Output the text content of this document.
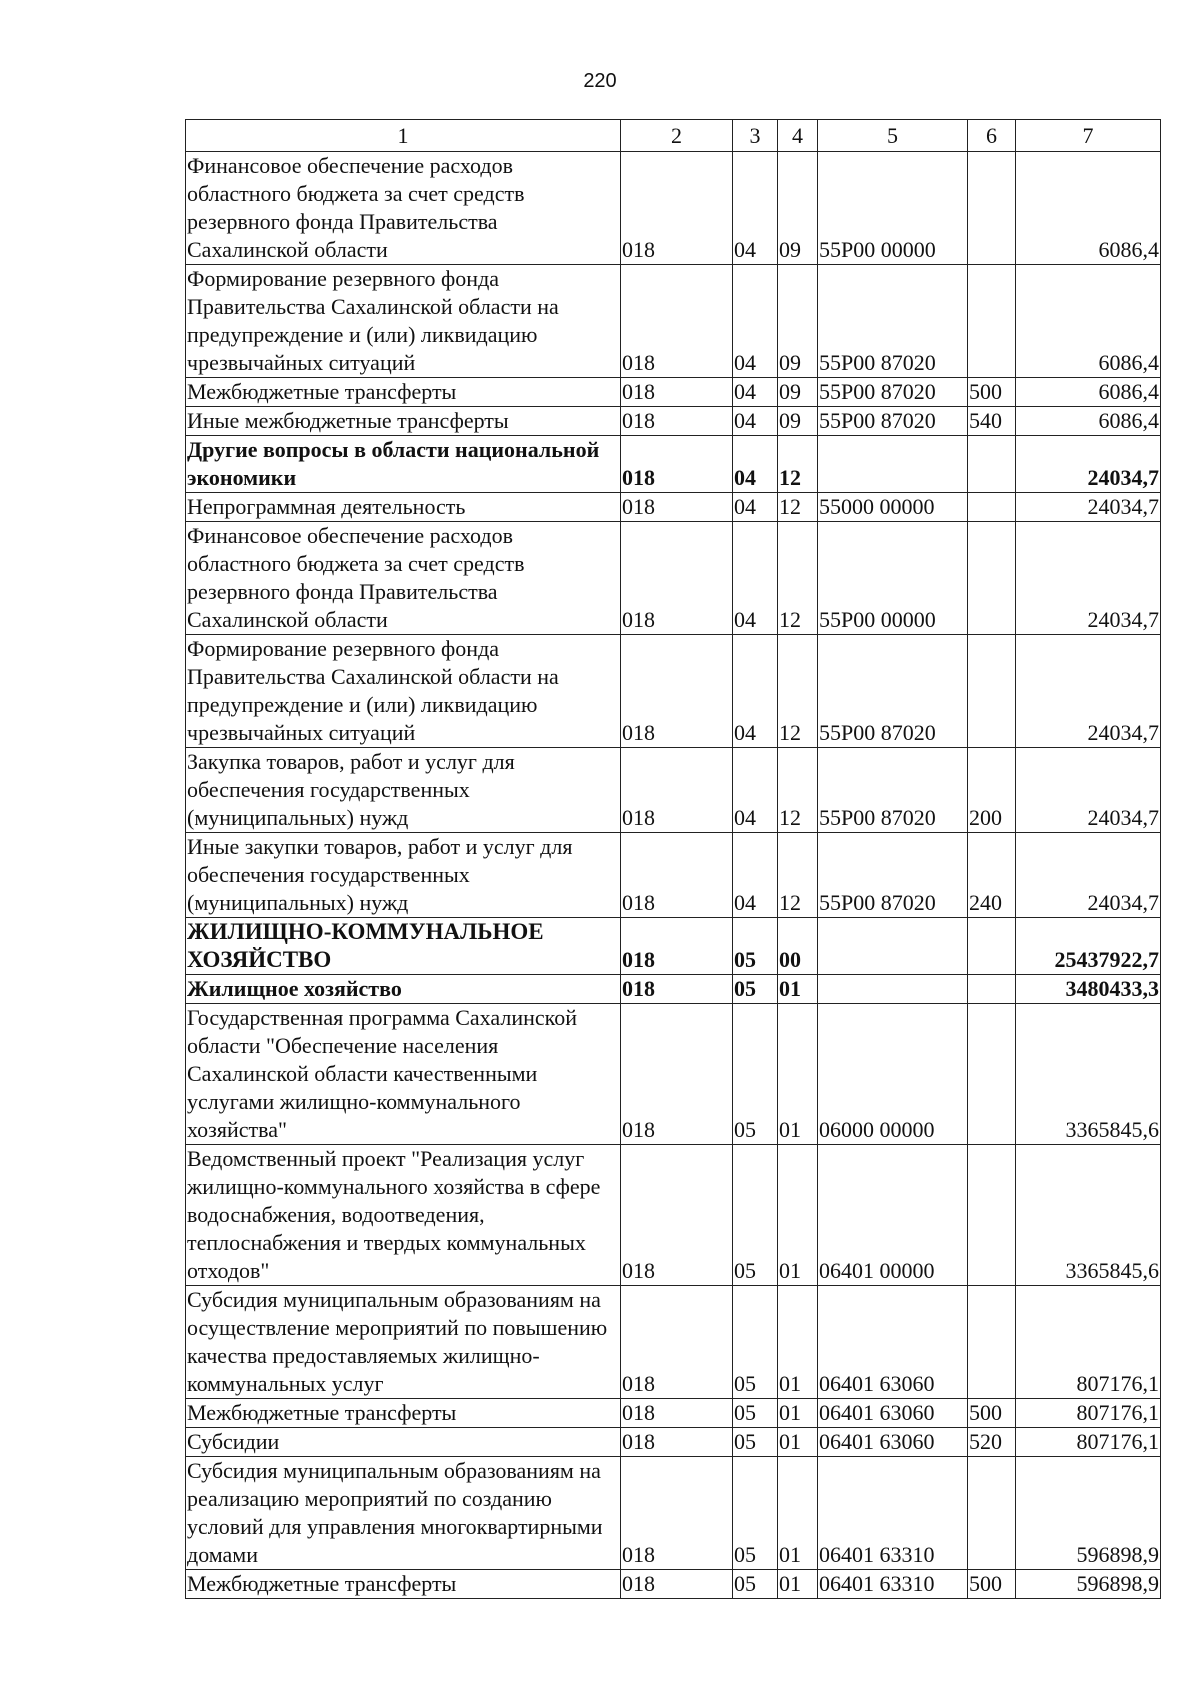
220
1	2	3	4	5	6	7
Финансовое обеспечение расходов областного бюджета за счет средств резервного фонда Правительства Сахалинской области	018	04	09	55Р00 00000		6086,4
Формирование резервного фонда Правительства Сахалинской области на предупреждение и (или) ликвидацию чрезвычайных ситуаций	018	04	09	55Р00 87020		6086,4
Межбюджетные трансферты	018	04	09	55Р00 87020	500	6086,4
Иные межбюджетные трансферты	018	04	09	55Р00 87020	540	6086,4
Другие вопросы в области национальной экономики	018	04	12			24034,7
Непрограммная деятельность	018	04	12	55000 00000		24034,7
Финансовое обеспечение расходов областного бюджета за счет средств резервного фонда Правительства Сахалинской области	018	04	12	55Р00 00000		24034,7
Формирование резервного фонда Правительства Сахалинской области на предупреждение и (или) ликвидацию чрезвычайных ситуаций	018	04	12	55Р00 87020		24034,7
Закупка товаров, работ и услуг для обеспечения государственных (муниципальных) нужд	018	04	12	55Р00 87020	200	24034,7
Иные закупки товаров, работ и услуг для обеспечения государственных (муниципальных) нужд	018	04	12	55Р00 87020	240	24034,7
ЖИЛИЩНО-КОММУНАЛЬНОЕ ХОЗЯЙСТВО	018	05	00			25437922,7
Жилищное хозяйство	018	05	01			3480433,3
Государственная программа Сахалинской области "Обеспечение населения Сахалинской области качественными услугами жилищно-коммунального хозяйства"	018	05	01	06000 00000		3365845,6
Ведомственный проект "Реализация услуг жилищно-коммунального хозяйства в сфере водоснабжения, водоотведения, теплоснабжения и твердых коммунальных отходов"	018	05	01	06401 00000		3365845,6
Субсидия муниципальным образованиям на осуществление мероприятий по повышению качества предоставляемых жилищно-коммунальных услуг	018	05	01	06401 63060		807176,1
Межбюджетные трансферты	018	05	01	06401 63060	500	807176,1
Субсидии	018	05	01	06401 63060	520	807176,1
Субсидия муниципальным образованиям на реализацию мероприятий по созданию условий для управления многоквартирными домами	018	05	01	06401 63310		596898,9
Межбюджетные трансферты	018	05	01	06401 63310	500	596898,9
